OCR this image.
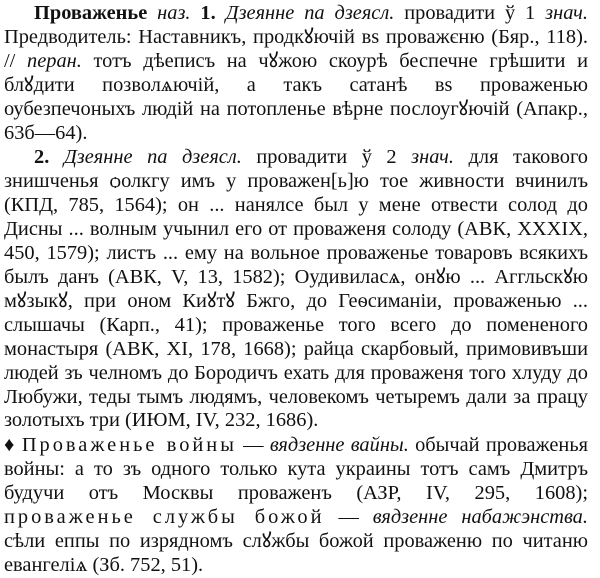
Проваженье наз. 1. Дзеянне па дзеясл. провадити ў 1 знач. Предводитель: Наставникъ, продкꙋючій вѕ проважєню (Бяр., 118). // перан. тотъ дѣеписъ на чꙋжою скоурѣ беспечне грѣшити и блꙋдити позволѧючій, а такъ сатанѣ вѕ проваженью оубезпечоныхъ людій на потопленье вѣрне послоугꙋючій (Апакр., 63б—64).

2. Дзеянне па дзеясл. провадити ў 2 знач. для такового знишченья ѻолкгу имъ у проважен[ь]ю тое живности вчинилъ (КПД, 785, 1564); он ... нанялсе был у мене отвести солод до Дисны ... волным учынил его от проваженя солоду (АВК, XXXIX, 450, 1579); листъ ... ему на вольное проваженье товаровъ всякихъ былъ данъ (АВК, V, 13, 1582); Оудивиласѧ, онꙋю ... Аггльскꙋю мꙋзыкꙋ, при оном Киꙋтꙋ Бжго, до Геѳсиманіи, проваженью ... слышачы (Карп., 41); проваженье того всего до помененого монастыря (АВК, XI, 178, 1668); райца скарбовый, примовивъши людей зъ челномъ до Бородичъ ехать для проваженя того хлуду до Любужи, теды тымъ людямъ, человекомъ четыремъ дали за працу золотыхъ три (ИЮМ, IV, 232, 1686).

♦ Проваженье войны — вядзенне вайны. обычай проваженья войны: а то зъ одного только кута украины тотъ самъ Дмитръ будучи отъ Москвы проваженъ (АЗР, IV, 295, 1608); проваженье службы божой — вядзенне набажэнства. сѣли еппы по изрядномъ слꙋжбы божой проваженю по читаню евангеліѧ (Зб. 752, 51).
